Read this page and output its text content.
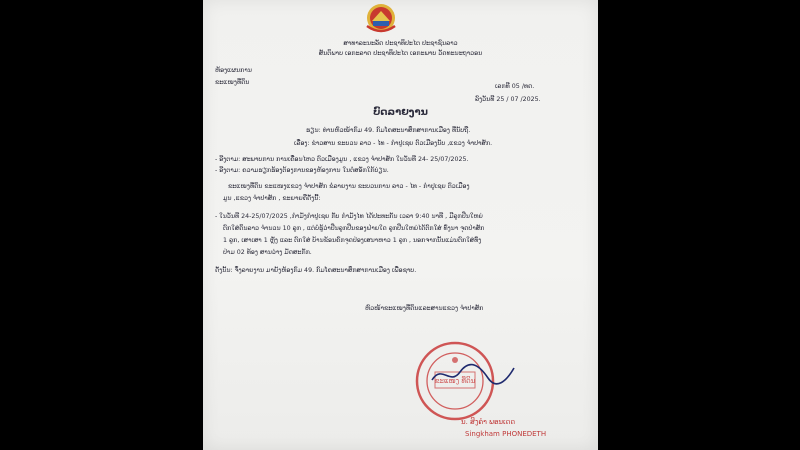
ສາທາລະນະລັດ ປະຊາທິປະໄຕ ປະຊາຊົນລາວ
ສັນຕິພາບ ເອກະລາດ ປະຊາທິປະໄຕ ເອກະພາບ ວັດທະນະຖາວອນ
ຫ້ອງແຜນການ
ຂະແໜງທີ່ດິນ
ເລກທີ 05 /ທດ.
ລົງວັນທີ 25 / 07 /2025.
ບົດລາຍງານ
ຮຽນ: ທ່ານຫົວໜ້າກົມ 49. ກົມໂຄສະນາສຶກສາການເມືອງ ທີ່ນັບຖື.
ເລື່ອງ: ຂ່າວສານ ຂະບວນ ລາວ - ໄທ - ກຳປູເຊຍ ຕົວເມືອງນັບ ,ແຂວງ ຈຳປາສັກ.
- ອີງຕາມ: ສະພາບການ ການເຄື່ອນໄຫວ ຕົວເມືອງມູນ , ແຂວງ ຈຳປາສັກ ໃນວັນທີ 24- 25/07/2025.
- ອີງຕາມ: ຄວາມຮຽກຮ້ອງຕ້ອງການຂອງຫ້ອງການ ໃນຕໍ່ສອັກໃກ້ບ່ຽນ.
ຂະແໜງທີ່ດິນ ຂະແໜງແຂວງ ຈຳປາສັກ ຂໍລາຍງານ ຂະບວນການ ລາວ - ໄທ - ກຳປູເຊຍ ຕົວເມືອງ
ມູນ ,ແຂວງ ຈຳປາສັກ , ຂະຍາຍຄືດັ່ງນີ້:
- ໃນວັນທີ 24-25/07/2025 ,ກຳມັງກຳປູເຊຍ ກັບ ກຳມັງໄທ ໄດ້ປະທະກັນ ເວລາ 9:40 ນາທີ , ມີລູກປືນໃຫຍ່
ຕົກໃສ່ດິນລາວ ຈຳນວນ 10 ລູກ , ແຕ່ບໍ່ຮູ້ວ່າປືນລູກປືນຂອງຝ່າຍໃດ ລູກປືນໃຫຍ່ໄດ້ຕົກໃສ່ ທົ່ງນາ ຈຸດປ່າສັກ
1 ລູກ, ເສາເສາ 1 ຫຼັງ ແລະ ຕົກໃສ່ ບ້ານຂ້ອນຄົກຈຸດປ່ອງເສນາຫາວ 1 ລູກ , ນອກຈາກນັ້ນແມ່ນຕົກໃສ່ທົ່ງ
ປ່າມ 02 ທ້ອງ ສານວ່າງ ມັດສະກັກ.
ດັ່ງນັ້ນ: ຈຶ່ງລາຍງານ ມາຍັງຫ້ອງກົມ 49. ກົມໂຄສະນາສຶກສາການເມືອງ ເພື່ອຊາບ.
ຫົວໜ້າຂະແໜງທີ່ດິນແລະສານແຂວງ ຈຳປາສັກ
ຂະແໜງ ທີ່ດິນ
ນ. ສິງຄຳ ພອນເດດ
Singkham PHONEDETH
